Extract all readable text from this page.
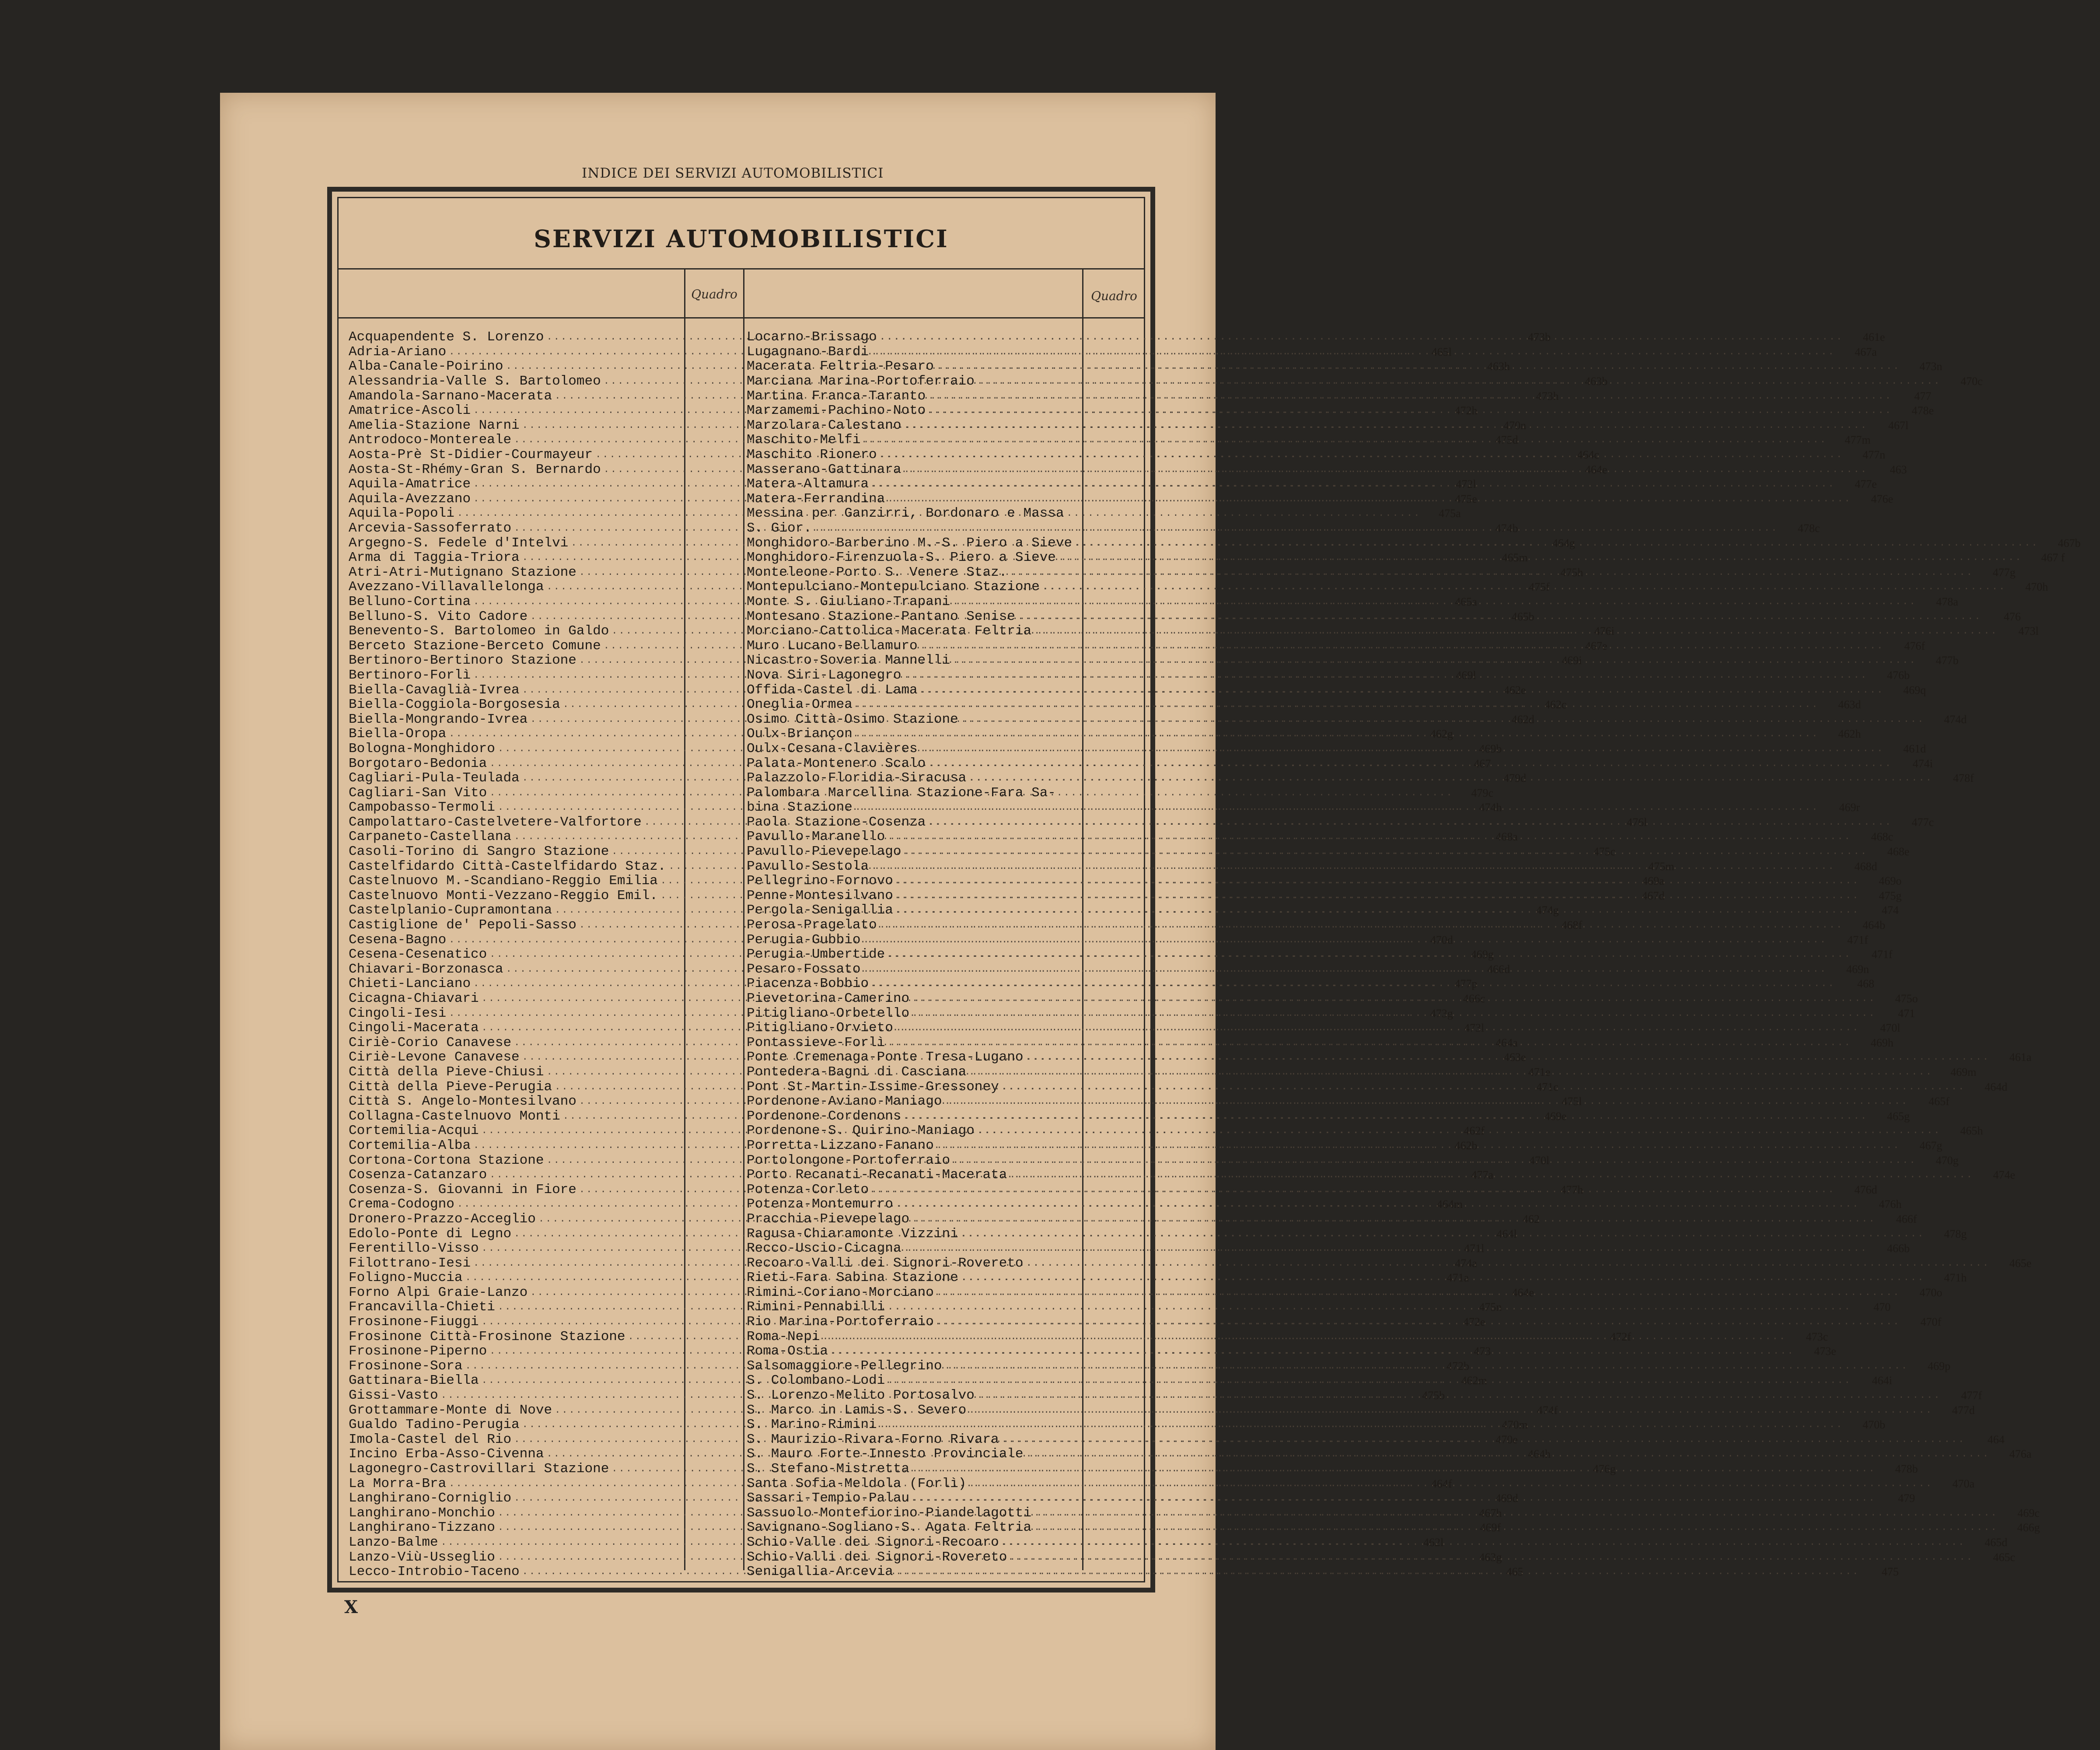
INDICE DEI SERVIZI AUTOMOBILISTICI
SERVIZI AUTOMOBILISTICI
Quadro	Quadro
Acquapendente S. Lorenzo .....	473b
Adria-Ariano .....	465l
Alba-Canale-Poirino .....	463h
Alessandria-Valle S. Bartolomeo .....	463b
Amandola-Sarnano-Macerata .....	473h
Amatrice-Ascoli .....	472h
Amelia-Stazione Narni .....	470n
Antrodoco-Montereale .....	475d
Aosta-Prè St-Didier-Courmayeur .....	464c
Aosta-St-Rhémy-Gran S. Bernardo .....	464e
Aquila-Amatrice .....	472l
Aquila-Avezzano .....	475e
Aquila-Popoli .....	475a
Arcevia-Sassoferrato .....	474b
Argegno-S. Fedele d'Intelvi .....	464g
Arma di Taggia-Triora .....	465m
Atri-Atri-Mutignano Stazione .....	475h
Avezzano-Villavallelonga .....	475f
Belluno-Cortina .....	465a
Belluno-S. Vito Cadore .....	465b
Benevento-S. Bartolomeo in Galdo .....	476i
Berceto Stazione-Berceto Comune .....	467e
Bertinoro-Bertinoro Stazione .....	469i
Bertinoro-Forlì .....	469l
Biella-Cavaglià-Ivrea .....	462e
Biella-Coggiola-Borgosesia .....	462c
Biella-Mongrando-Ivrea .....	462d
Biella-Oropa .....	462g
Bologna-Monghidoro .....	469b
Borgotaro-Bedonia .....	467
Cagliari-Pula-Teulada .....	479d
Cagliari-San Vito .....	479c
Campobasso-Termoli .....	474h
Campolattaro-Castelvetere-Valfortore .....	476l
Carpaneto-Castellana .....	468a
Casoli-Torino di Sangro Stazione .....	475c
Castelfidardo Città-Castelfidardo Staz. .....	475m
Castelnuovo M.-Scandiano-Reggio Emilia .....	469a
Castelnuovo Monti-Vezzano-Reggio Emil. .....	467d
Castelplanio-Cupramontana .....	474g
Castiglione de' Pepoli-Sasso .....	468f
Cesena-Bagno .....	470d
Cesena-Cesenatico .....	469g
Chiavari-Borzonasca .....	466d
Chieti-Lanciano .....	477p
Cicagna-Chiavari .....	466c
Cingoli-Iesi .....	473g
Cingoli-Macerata .....	473l
Ciriè-Corio Canavese .....	464a
Ciriè-Levone Canavese .....	463e
Città della Pieve-Chiusi .....	471e
Città della Pieve-Perugia .....	471c
Città S. Angelo-Montesilvano .....	475l
Collagna-Castelnuovo Monti .....	469e
Cortemilia-Acqui .....	462f
Cortemilia-Alba .....	462b
Cortona-Cortona Stazione .....	470l
Cosenza-Catanzaro .....	477a
Cosenza-S. Giovanni in Fiore .....	477h
Crema-Codogno .....	464m
Dronero-Prazzo-Acceglio .....	462
Edolo-Ponte di Legno .....	464l
Ferentillo-Visso .....	471l
Filottrano-Iesi .....	474a
Foligno-Muccia .....	471a
Forno Alpi Graie-Lanzo .....	464e
Francavilla-Chieti .....	475n
Frosinone-Fiuggi .....	472e
Frosinone Città-Frosinone Stazione .....	472f
Frosinone-Piperno .....	473
Frosinone-Sora .....	472b
Gattinara-Biella .....	462m
Gissi-Vasto .....	475b
Grottammare-Monte di Nove .....	474f
Gualdo Tadino-Perugia .....	470m
Imola-Castel del Rio .....	470e
Incino Erba-Asso-Civenna .....	464h
Lagonegro-Castrovillari Stazione .....	476g
La Morra-Bra .....	464f
Langhirano-Corniglio .....	469d
Langhirano-Monchio .....	467h
Langhirano-Tizzano .....	469f
Lanzo-Balme .....	462l
Lanzo-Viù-Usseglio .....	463g
Lecco-Introbio-Taceno .....	465
Locarno-Brissago .....	461e
Lugagnano-Bardi .....	467a
Macerata Feltria-Pesaro .....	473n
Marciana Marina-Portoferraio .....	470c
Martina Franca-Taranto .....	477
Marzamemi-Pachino-Noto .....	478e
Marzolara-Calestano .....	467l
Maschito-Melfi .....	477m
Maschito Rionero .....	477n
Masserano-Gattinara .....	463
Matera-Altamura .....	477e
Matera-Ferrandina .....	476e
Messina per Ganzirri, Bordonaro e Massa
S. Gior. .....	478c
Monghidoro-Barberino M.-S. Piero a Sieve .....	467b
Monghidoro-Firenzuola-S. Piero a Sieve .....	467 f
Monteleone-Porto S. Venere Staz. .....	477g
Montepulciano-Montepulciano Stazione .....	470h
Monte S. Giuliano-Trapani .....	478a
Montesano Stazione-Pantano Senise .....	476
Morciano-Cattolica-Macerata Feltria .....	473l
Muro Lucano-Bellamuro .....	476f
Nicastro-Soveria Mannelli .....	477b
Nova Siri-Lagonegro .....	476b
Offida-Castel di Lama .....	469q
Oneglia-Ormea .....	463d
Osimo Città-Osimo Stazione .....	474d
Oulx-Briançon .....	462h
Oulx-Cesana-Clavières .....	461d
Palata-Montenero Scalo .....	474i
Palazzolo-Floridia-Siracusa .....	478f
Palombara Marcellina Stazione-Fara Sa-
bina Stazione .....	469r
Paola Stazione-Cosenza .....	477c
Pavullo-Maranello .....	468c
Pavullo-Pievepelago .....	468e
Pavullo-Sestola .....	468d
Pellegrino-Fornovo .....	469o
Penne-Montesilvano .....	475g
Pergola-Senigallia .....	474
Perosa-Pragelato .....	464b
Perugia-Gubbio .....	471f
Perugia-Umbertide .....	471f
Pesaro-Fossato .....	469n
Piacenza-Bobbio .....	468
Pievetorina-Camerino .....	475o
Pitigliano-Orbetello .....	471
Pitigliano-Orvieto .....	470l
Pontassieve-Forlì .....	469h
Ponte Cremenaga-Ponte Tresa-Lugano .....	461a
Pontedera-Bagni di Casciana .....	469m
Pont St-Martin-Issime-Gressoney .....	464d
Pordenone-Aviano-Maniago .....	465f
Pordenone-Cordenons .....	465g
Pordenone-S. Quirino-Maniago .....	465h
Porretta-Lizzano-Fanano .....	467g
Portolongone-Portoferraio .....	470g
Porto Recanati-Recanati-Macerata .....	474e
Potenza-Corleto .....	476d
Potenza-Montemurro .....	476h
Pracchia-Pievepelago .....	466f
Ragusa-Chiaramonte Vizzini .....	478g
Recco-Uscio-Cicagna .....	466b
Recoaro-Valli dei Signori-Rovereto .....	465e
Rieti-Fara Sabina Stazione .....	471h
Rimini-Coriano-Morciano .....	470o
Rimini-Pennabilli .....	470
Rio Marina-Portoferraio .....	470f
Roma-Nepi .....	473c
Roma-Ostia .....	473e
Salsomaggiore-Pellegrino .....	469p
S. Colombano-Lodi .....	464i
S. Lorenzo-Melito Portosalvo .....	477f
S. Marco in Lamis-S. Severo .....	477d
S. Marino-Rimini .....	470b
S. Maurizio-Rivara-Forno Rivara .....	464
S. Mauro Forte-Innesto Provinciale .....	476a
S. Stefano-Mistretta .....	478b
Santa Sofia-Meldola (Forlì) .....	470a
Sassari-Tempio-Palau .....	479
Sassuolo-Montefiorino-Piandelagotti .....	469c
Savignano-Sogliano-S. Agata Feltria .....	466g
Schio-Valle dei Signori-Recoaro .....	465d
Schio-Valli dei Signori-Rovereto .....	465c
Senigallia-Arcevia .....	475
X
